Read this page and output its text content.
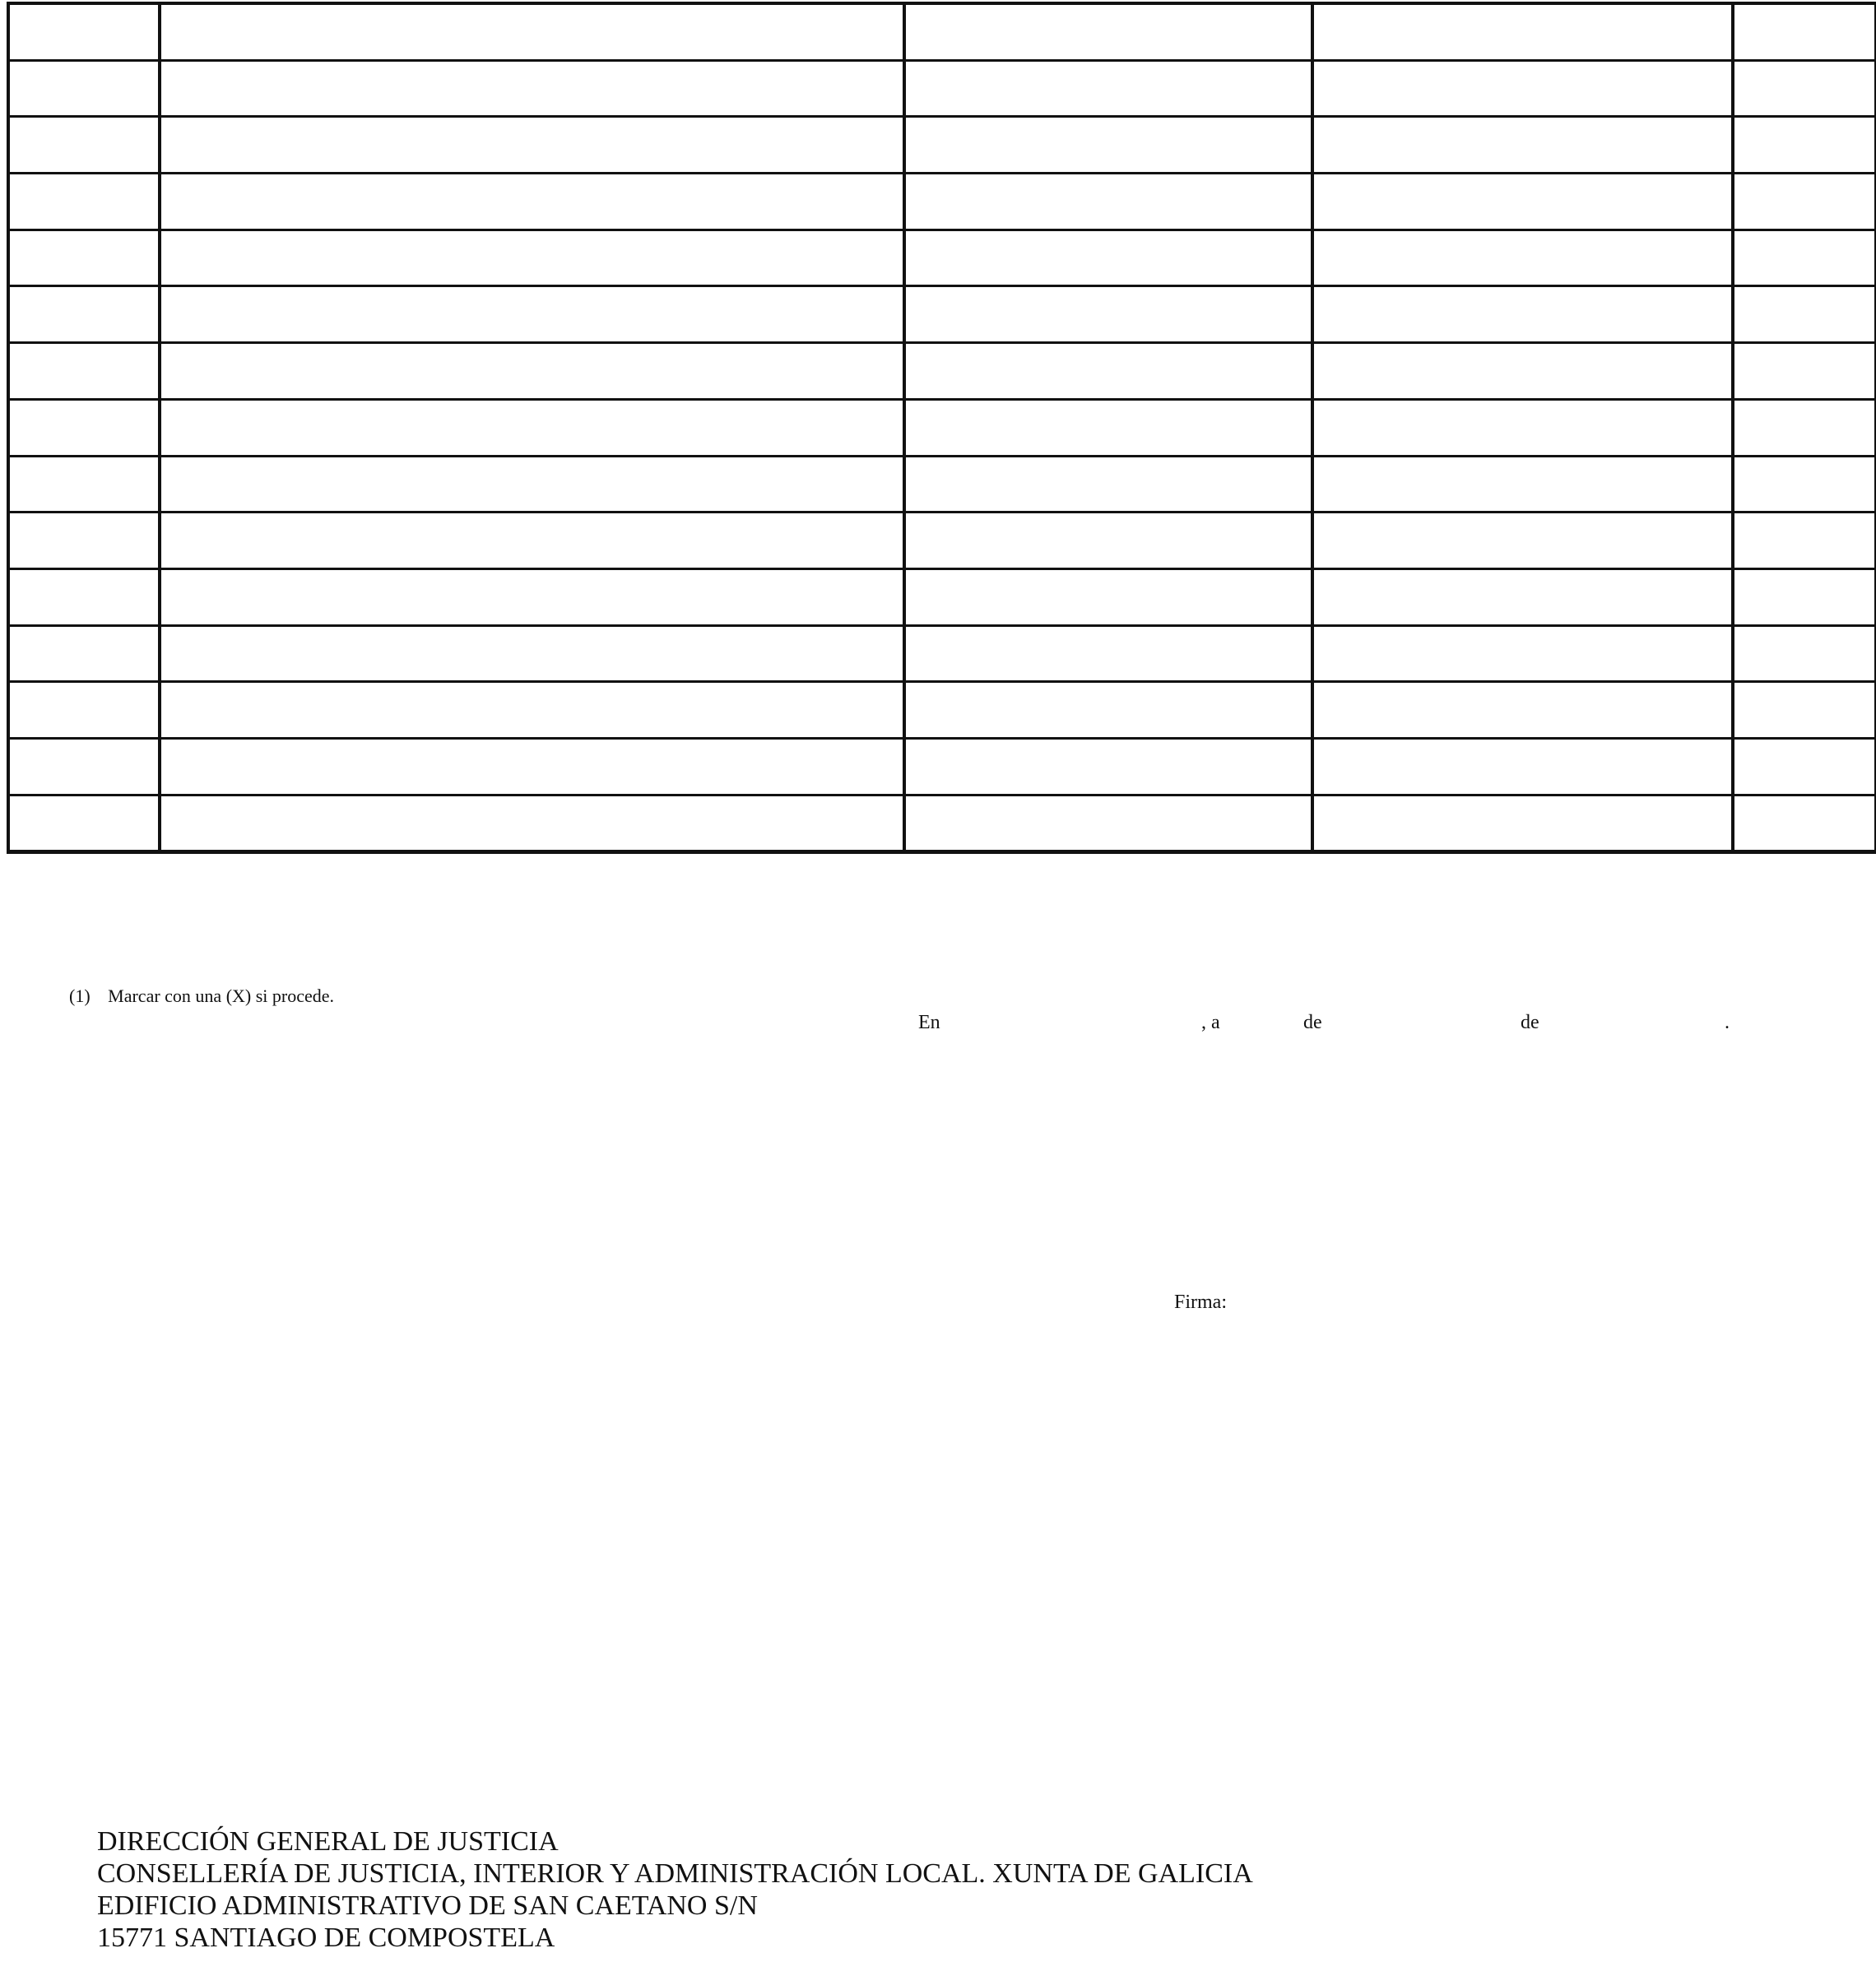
(1) Marcar con una (X) si procede.
En	, a	de	de	.
Firma:
DIRECCIÓN GENERAL DE JUSTICIA
CONSELLERÍA DE JUSTICIA, INTERIOR Y ADMINISTRACIÓN LOCAL. XUNTA DE GALICIA
EDIFICIO ADMINISTRATIVO DE SAN CAETANO S/N
15771 SANTIAGO DE COMPOSTELA
